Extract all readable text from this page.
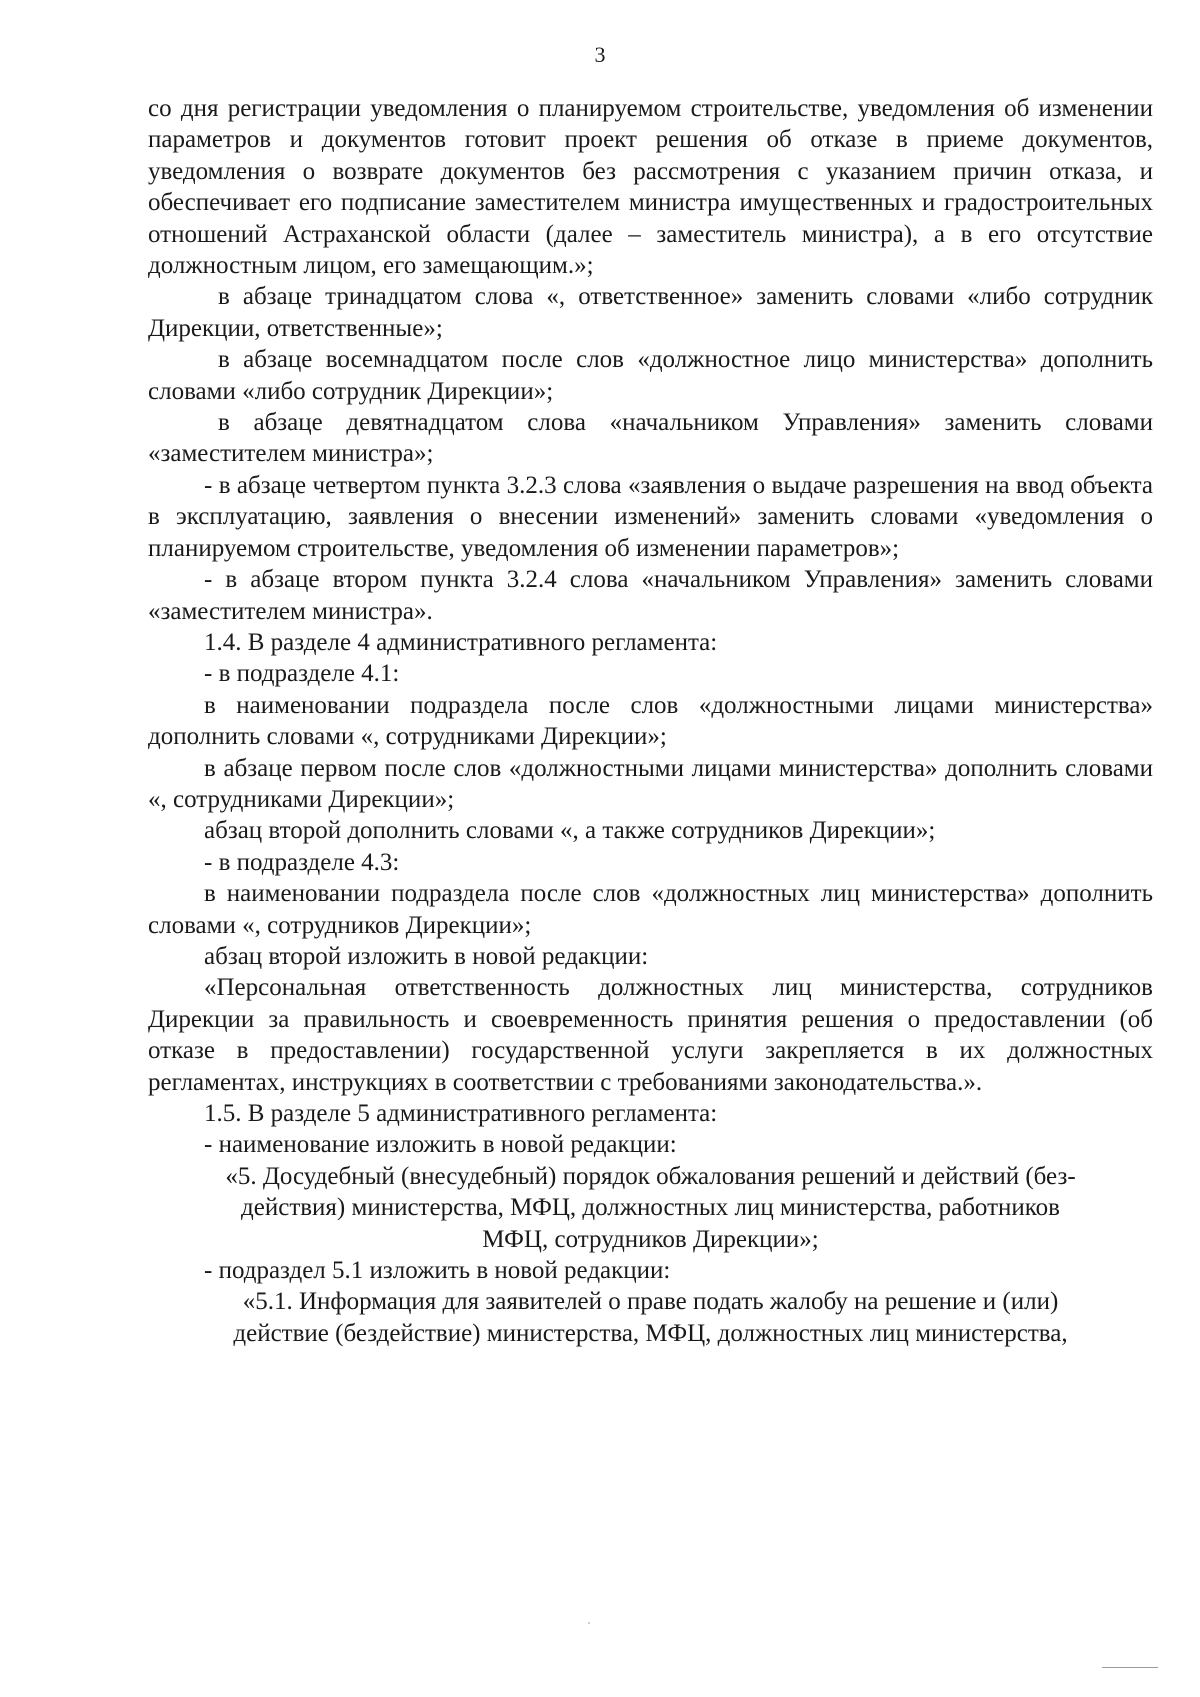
3

со дня регистрации уведомления о планируемом строительстве, уведомления об изменении параметров и документов готовит проект решения об отказе в приеме документов, уведомления о возврате документов без рассмотрения с указанием причин отказа, и обеспечивает его подписание заместителем министра имущественных и градостроительных отношений Астраханской области (далее – заместитель министра), а в его отсутствие должностным лицом, его замещающим.»;

в абзаце тринадцатом слова «, ответственное» заменить словами «либо сотрудник Дирекции, ответственные»;

в абзаце восемнадцатом после слов «должностное лицо министерства» дополнить словами «либо сотрудник Дирекции»;

в абзаце девятнадцатом слова «начальником Управления» заменить словами «заместителем министра»;

- в абзаце четвертом пункта 3.2.3 слова «заявления о выдаче разрешения на ввод объекта в эксплуатацию, заявления о внесении изменений» заменить словами «уведомления о планируемом строительстве, уведомления об изменении параметров»;

- в абзаце втором пункта 3.2.4 слова «начальником Управления» заменить словами «заместителем министра».

1.4. В разделе 4 административного регламента:

- в подразделе 4.1:

в наименовании подраздела после слов «должностными лицами министерства» дополнить словами «, сотрудниками Дирекции»;

в абзаце первом после слов «должностными лицами министерства» дополнить словами «, сотрудниками Дирекции»;

абзац второй дополнить словами «, а также сотрудников Дирекции»;

- в подразделе 4.3:

в наименовании подраздела после слов «должностных лиц министерства» дополнить словами «, сотрудников Дирекции»;

абзац второй изложить в новой редакции:

«Персональная ответственность должностных лиц министерства, сотрудников Дирекции за правильность и своевременность принятия решения о предоставлении (об отказе в предоставлении) государственной услуги закрепляется в их должностных регламентах, инструкциях в соответствии с требованиями законодательства.».

1.5. В разделе 5 административного регламента:

- наименование изложить в новой редакции:

«5. Досудебный (внесудебный) порядок обжалования решений и действий (без-

действия) министерства, МФЦ, должностных лиц министерства, работников

МФЦ, сотрудников Дирекции»;

- подраздел 5.1 изложить в новой редакции:

«5.1. Информация для заявителей о праве подать жалобу на решение и (или)

действие (бездействие) министерства, МФЦ, должностных лиц министерства,
